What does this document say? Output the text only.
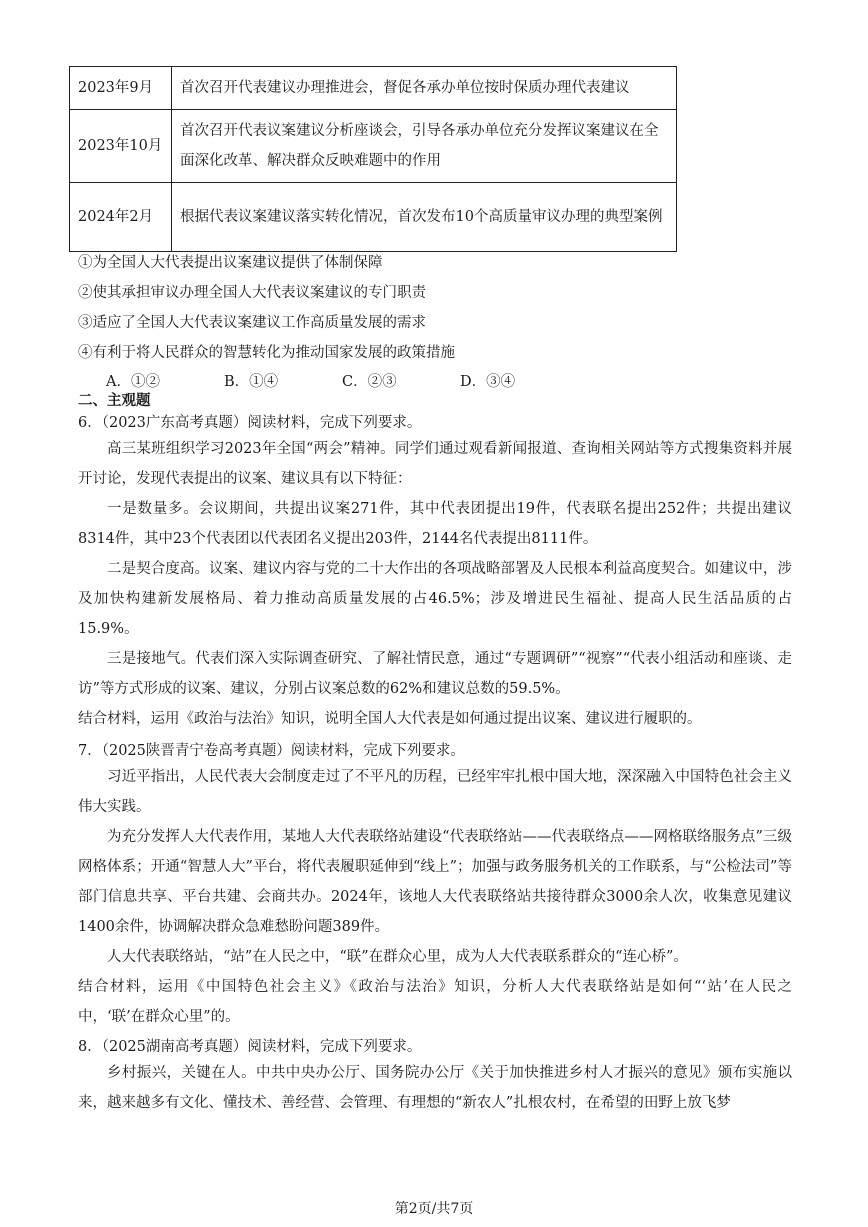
2023年9月	首次召开代表建议办理推进会，督促各承办单位按时保质办理代表建议
2023年10月	首次召开代表议案建议分析座谈会，引导各承办单位充分发挥议案建议在全面深化改革、解决群众反映难题中的作用
2024年2月	根据代表议案建议落实转化情况，首次发布10个高质量审议办理的典型案例
①为全国人大代表提出议案建议提供了体制保障
②使其承担审议办理全国人大代表议案建议的专门职责
③适应了全国人大代表议案建议工作高质量发展的需求
④有利于将人民群众的智慧转化为推动国家发展的政策措施
A．①②	B．①④	C．②③	D．③④
二、主观题
6．（2023广东高考真题）阅读材料，完成下列要求。
高三某班组织学习2023年全国“两会”精神。同学们通过观看新闻报道、查询相关网站等方式搜集资料并展开讨论，发现代表提出的议案、建议具有以下特征：
一是数量多。会议期间，共提出议案271件，其中代表团提出19件，代表联名提出252件；共提出建议8314件，其中23个代表团以代表团名义提出203件，2144名代表提出8111件。
二是契合度高。议案、建议内容与党的二十大作出的各项战略部署及人民根本利益高度契合。如建议中，涉及加快构建新发展格局、着力推动高质量发展的占46.5%；涉及增进民生福祉、提高人民生活品质的占15.9%。
三是接地气。代表们深入实际调查研究、了解社情民意，通过“专题调研”“视察”“代表小组活动和座谈、走访”等方式形成的议案、建议，分别占议案总数的62%和建议总数的59.5%。
结合材料，运用《政治与法治》知识，说明全国人大代表是如何通过提出议案、建议进行履职的。
7．（2025陕晋青宁卷高考真题）阅读材料，完成下列要求。
习近平指出，人民代表大会制度走过了不平凡的历程，已经牢牢扎根中国大地，深深融入中国特色社会主义伟大实践。
为充分发挥人大代表作用，某地人大代表联络站建设“代表联络站——代表联络点——网格联络服务点”三级网格体系；开通“智慧人大”平台，将代表履职延伸到“线上”；加强与政务服务机关的工作联系，与“公检法司”等部门信息共享、平台共建、会商共办。2024年，该地人大代表联络站共接待群众3000余人次，收集意见建议1400余件，协调解决群众急难愁盼问题389件。
人大代表联络站，“站”在人民之中，“联”在群众心里，成为人大代表联系群众的“连心桥”。
结合材料，运用《中国特色社会主义》《政治与法治》知识，分析人大代表联络站是如何“‘站’在人民之中，‘联’在群众心里”的。
8．（2025湖南高考真题）阅读材料，完成下列要求。
乡村振兴，关键在人。中共中央办公厅、国务院办公厅《关于加快推进乡村人才振兴的意见》颁布实施以来，越来越多有文化、懂技术、善经营、会管理、有理想的“新农人”扎根农村，在希望的田野上放飞梦
第2页/共7页
